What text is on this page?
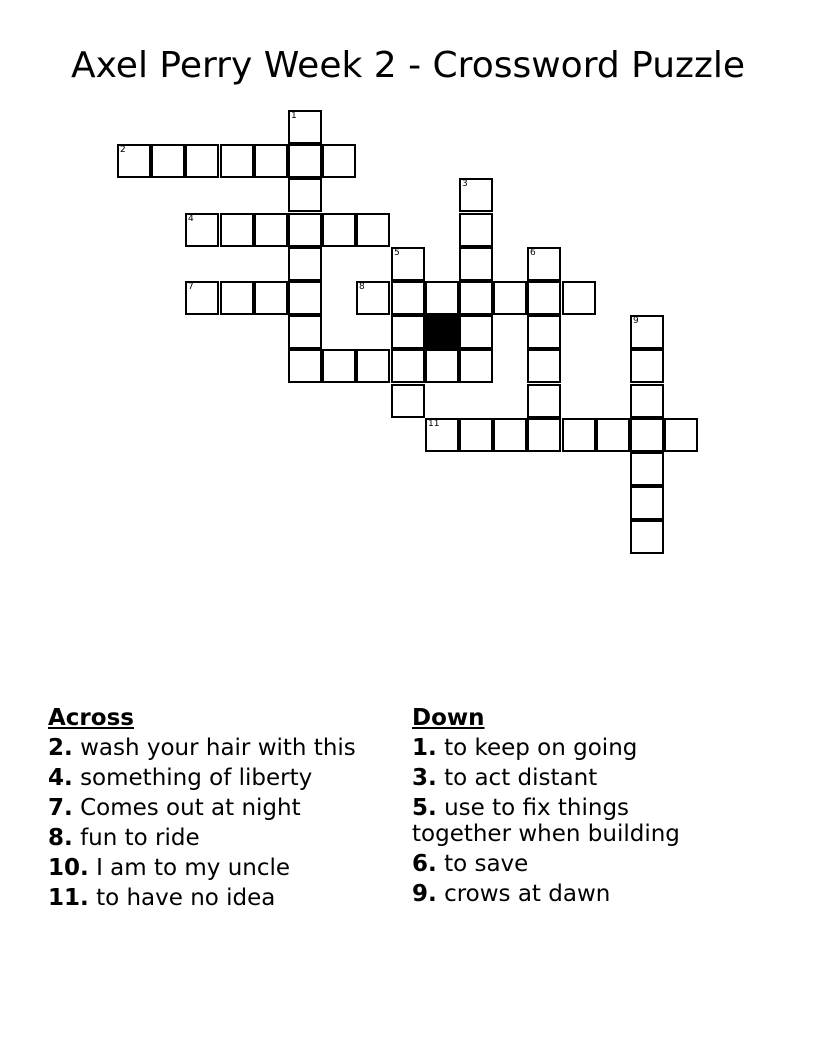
Axel Perry Week 2 - Crossword Puzzle
2
1
4
3
5
7	8
6
11
9
Across
2. wash your hair with this
4. something of liberty
7. Comes out at night
8. fun to ride
10. I am to my uncle
11. to have no idea
Down
1. to keep on going
3. to act distant
5. use to fix things together when building
6. to save
9. crows at dawn
